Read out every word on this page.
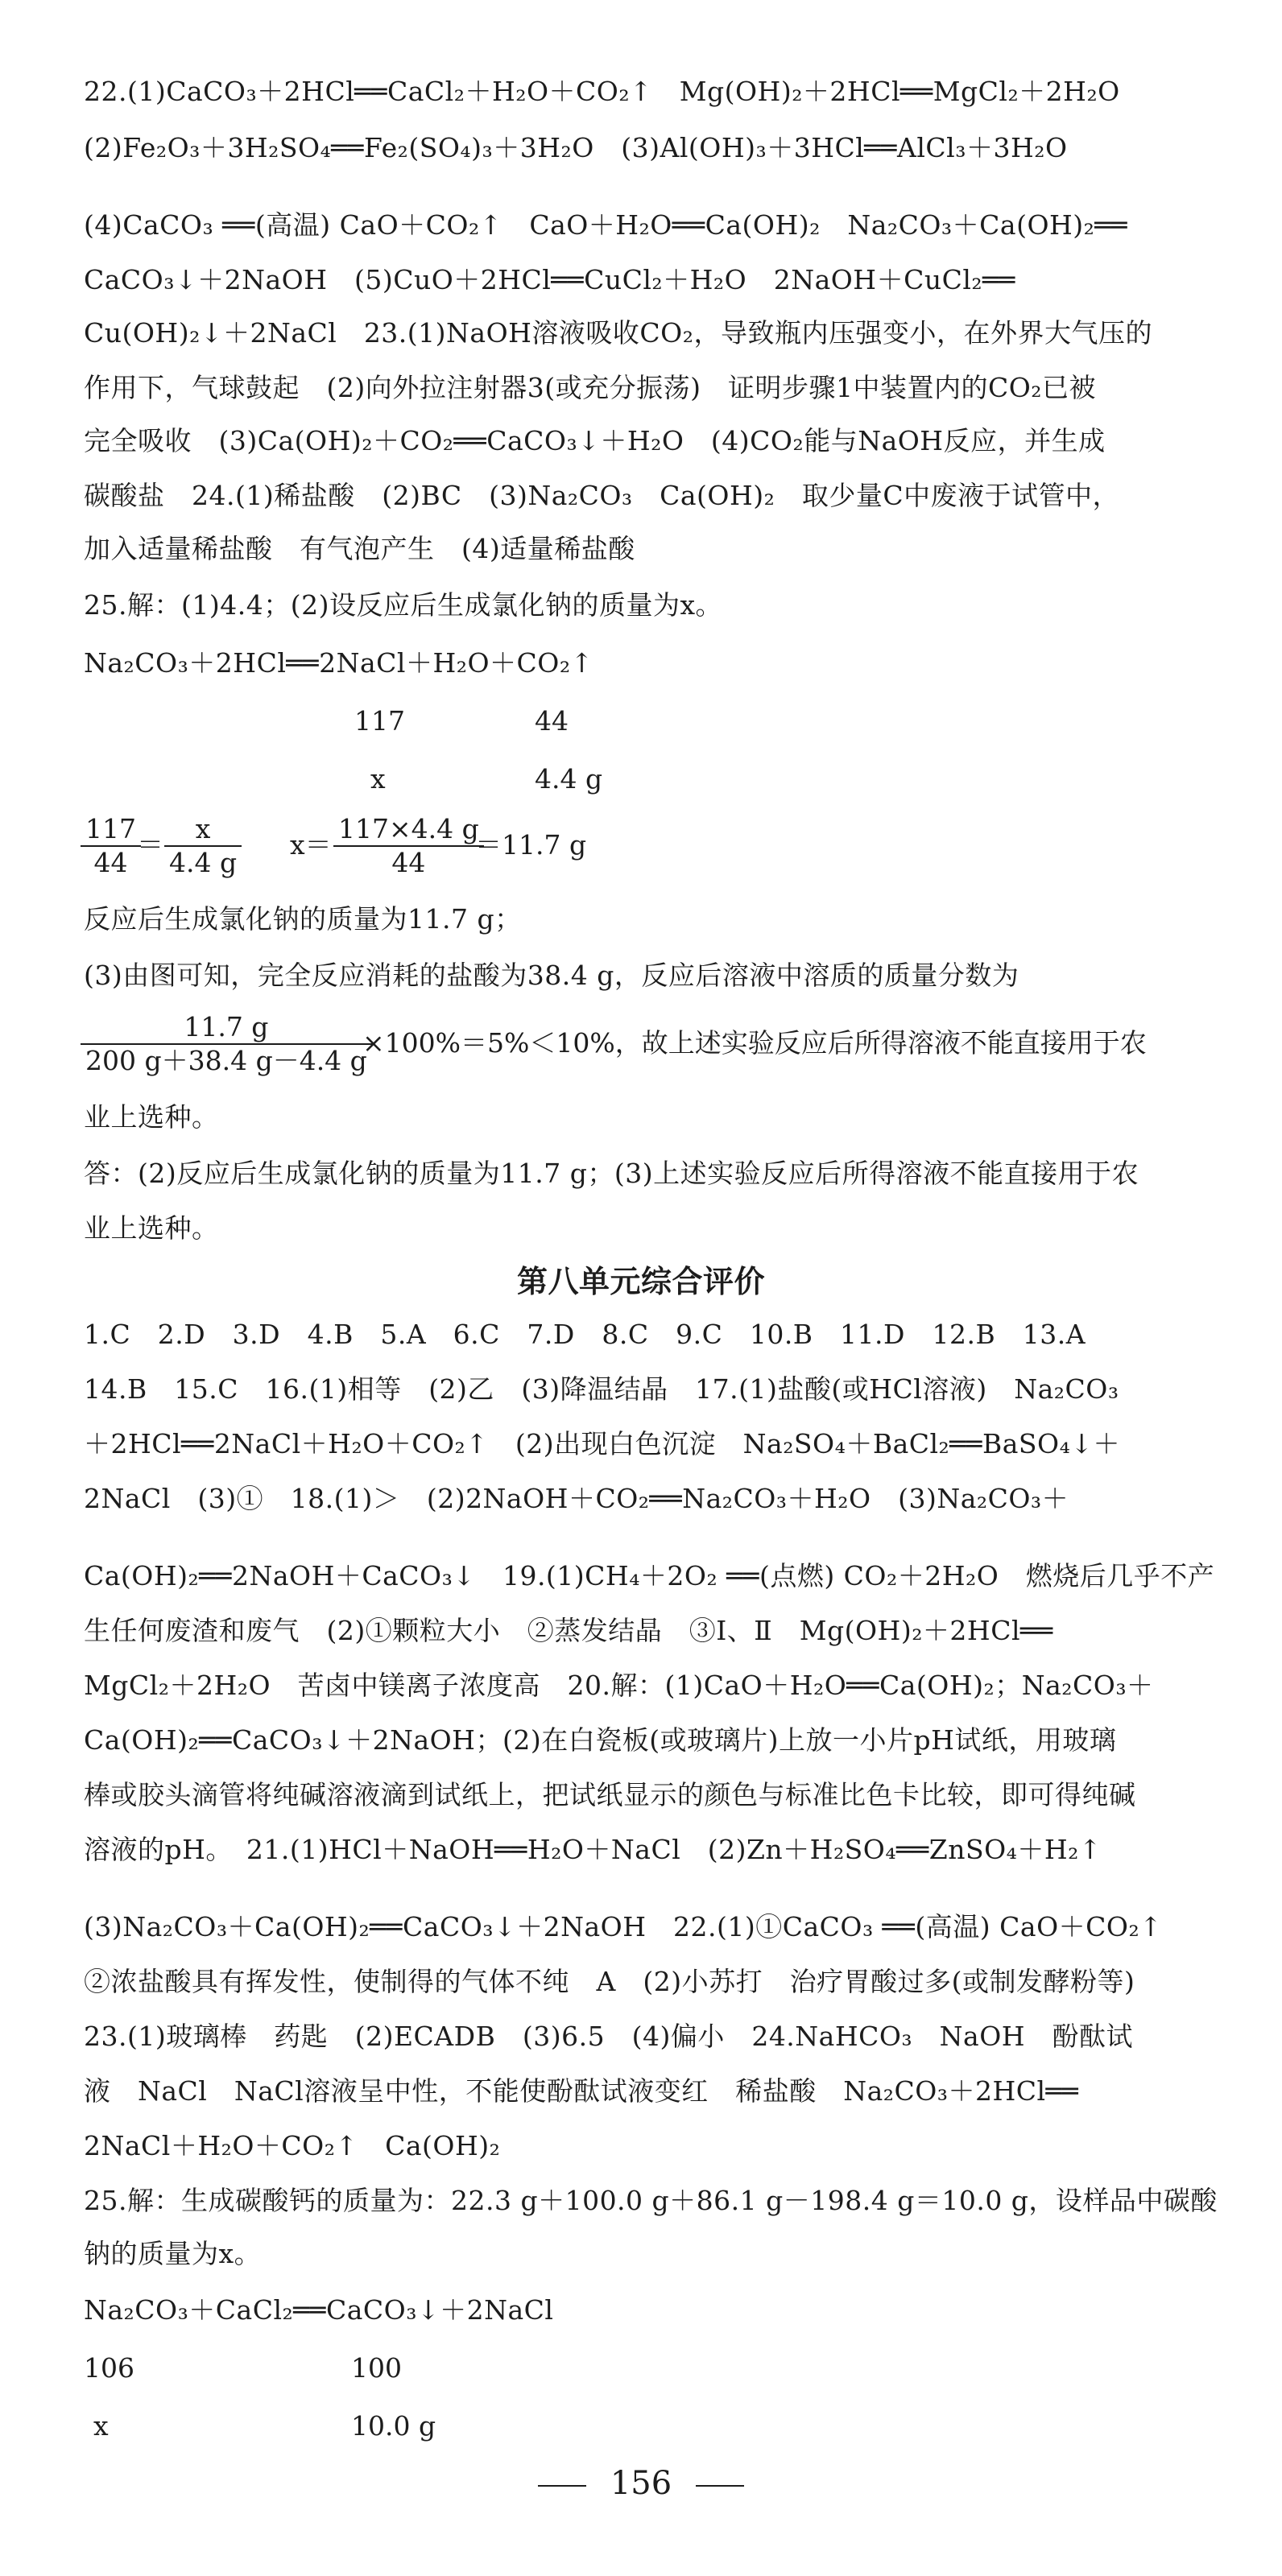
22.(1)CaCO₃＋2HCl══CaCl₂＋H₂O＋CO₂↑　Mg(OH)₂＋2HCl══MgCl₂＋2H₂O
(2)Fe₂O₃＋3H₂SO₄══Fe₂(SO₄)₃＋3H₂O　(3)Al(OH)₃＋3HCl══AlCl₃＋3H₂O
(4)CaCO₃ ══(高温) CaO＋CO₂↑　CaO＋H₂O══Ca(OH)₂　Na₂CO₃＋Ca(OH)₂══
CaCO₃↓＋2NaOH　(5)CuO＋2HCl══CuCl₂＋H₂O　2NaOH＋CuCl₂══
Cu(OH)₂↓＋2NaCl　23.(1)NaOH溶液吸收CO₂，导致瓶内压强变小，在外界大气压的
作用下，气球鼓起　(2)向外拉注射器3(或充分振荡)　证明步骤1中装置内的CO₂已被
完全吸收　(3)Ca(OH)₂＋CO₂══CaCO₃↓＋H₂O　(4)CO₂能与NaOH反应，并生成
碳酸盐　24.(1)稀盐酸　(2)BC　(3)Na₂CO₃　Ca(OH)₂　取少量C中废液于试管中，
加入适量稀盐酸　有气泡产生　(4)适量稀盐酸
25.解：(1)4.4；(2)设反应后生成氯化钠的质量为x。
Na₂CO₃＋2HCl══2NaCl＋H₂O＋CO₂↑
117	44
x	4.4 g
$\frac{117}{44}$
＝ $\frac{x}{4.4 g} x= \frac{117\times 4.4 g}{44}$
＝11.7 g
反应后生成氯化钠的质量为11.7 g；
(3)由图可知，完全反应消耗的盐酸为38.4 g，反应后溶液中溶质的质量分数为
$\frac{11.7 g}{200 g+38.4 g-4.4 g}$
×100%＝5%＜10%，故上述实验反应后所得溶液不能直接用于农
业上选种。
答：(2)反应后生成氯化钠的质量为11.7 g；(3)上述实验反应后所得溶液不能直接用于农
业上选种。
第八单元综合评价
1.C　2.D　3.D　4.B　5.A　6.C　7.D　8.C　9.C　10.B　11.D　12.B　13.A
14.B　15.C　16.(1)相等　(2)乙　(3)降温结晶　17.(1)盐酸(或HCl溶液)　Na₂CO₃
＋2HCl══2NaCl＋H₂O＋CO₂↑　(2)出现白色沉淀　Na₂SO₄＋BaCl₂══BaSO₄↓＋
2NaCl　(3)①　18.(1)＞　(2)2NaOH＋CO₂══Na₂CO₃＋H₂O　(3)Na₂CO₃＋
Ca(OH)₂══2NaOH＋CaCO₃↓　19.(1)CH₄＋2O₂ ══(点燃) CO₂＋2H₂O　燃烧后几乎不产
生任何废渣和废气　(2)①颗粒大小　②蒸发结晶　③Ⅰ、Ⅱ　Mg(OH)₂＋2HCl══
MgCl₂＋2H₂O　苦卤中镁离子浓度高　20.解：(1)CaO＋H₂O══Ca(OH)₂；Na₂CO₃＋
Ca(OH)₂══CaCO₃↓＋2NaOH；(2)在白瓷板(或玻璃片)上放一小片pH试纸，用玻璃
棒或胶头滴管将纯碱溶液滴到试纸上，把试纸显示的颜色与标准比色卡比较，即可得纯碱
溶液的pH。　21.(1)HCl＋NaOH══H₂O＋NaCl　(2)Zn＋H₂SO₄══ZnSO₄＋H₂↑
(3)Na₂CO₃＋Ca(OH)₂══CaCO₃↓＋2NaOH　22.(1)①CaCO₃ ══(高温) CaO＋CO₂↑
②浓盐酸具有挥发性，使制得的气体不纯　A　(2)小苏打　治疗胃酸过多(或制发酵粉等)
23.(1)玻璃棒　药匙　(2)ECADB　(3)6.5　(4)偏小　24.NaHCO₃　NaOH　酚酞试
液　NaCl　NaCl溶液呈中性，不能使酚酞试液变红　稀盐酸　Na₂CO₃＋2HCl══
2NaCl＋H₂O＋CO₂↑　Ca(OH)₂
25.解：生成碳酸钙的质量为：22.3 g＋100.0 g＋86.1 g－198.4 g＝10.0 g，设样品中碳酸
钠的质量为x。
Na₂CO₃＋CaCl₂══CaCO₃↓＋2NaCl
106	100
x	10.0 g
156
